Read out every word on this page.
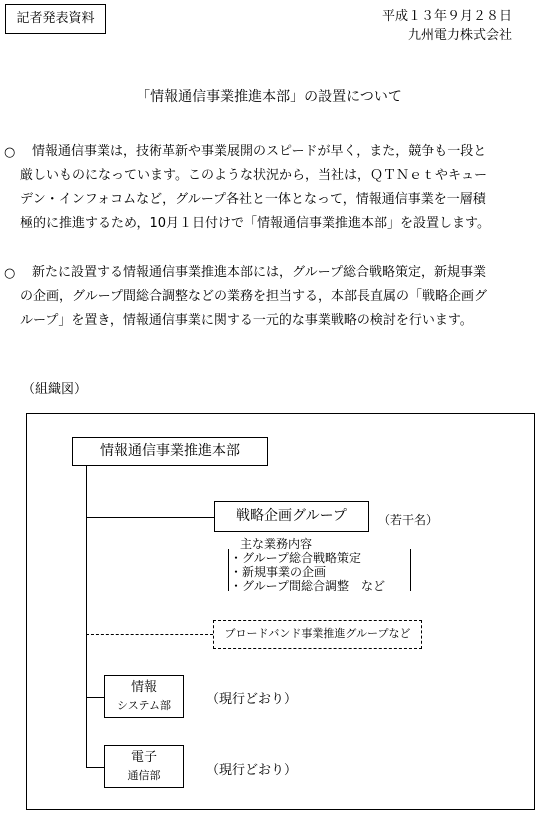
記者発表資料	平成１３年９月２８日
九州電力株式会社
「情報通信事業推進本部」の設置について
○	情報通信事業は，技術革新や事業展開のスピードが早く，また，競争も一段と
厳しいものになっています。このような状況から，当社は，ＱＴＮｅｔやキュー
デン・インフォコムなど，グループ各社と一体となって，情報通信事業を一層積
極的に推進するため，10月１日付けで「情報通信事業推進本部」を設置します。
○	新たに設置する情報通信事業推進本部には，グループ総合戦略策定，新規事業
の企画，グループ間総合調整などの業務を担当する，本部長直属の「戦略企画グ
ループ」を置き，情報通信事業に関する一元的な事業戦略の検討を行います。
（組織図）
情報通信事業推進本部
戦略企画グループ	（若干名）
主な業務内容
・グループ総合戦略策定
・新規事業の企画
・グループ間総合調整　など
ブロードバンド事業推進グループなど
情報
システム部	（現行どおり）
電子
通信部	（現行どおり）
